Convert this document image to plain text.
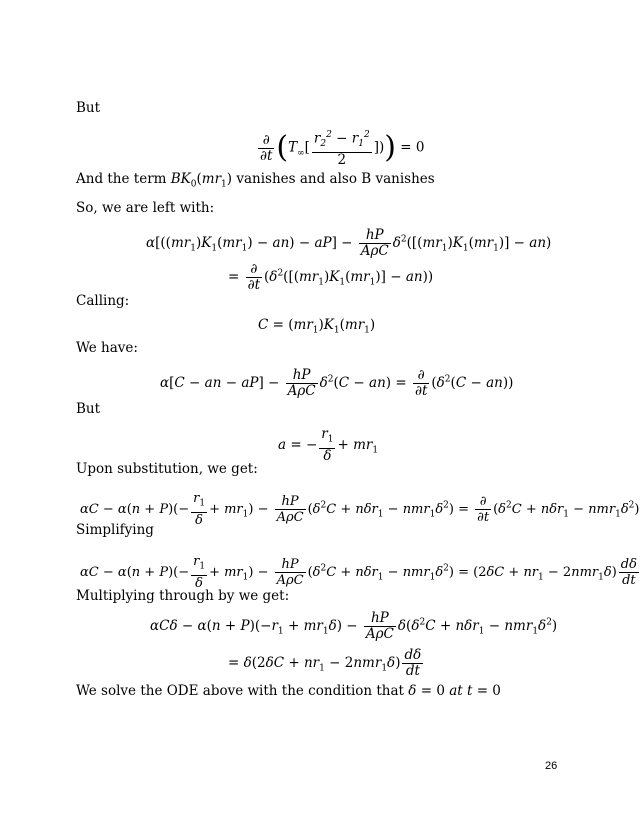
But
$\frac{\partial}{\partial t} (T_\infty[ \frac{r_2^2 - r_1^2}{2}$ ])) = 0
And the term $BK_0(mr_1)$ vanishes and also B vanishes
So, we are left with:
$\alpha[((mr_1)K_1(mr_1) - an) - aP] - \frac{hP}{\text{AρC}} \delta^2([(mr_1)K_1(mr_1)] - an)$
= $\frac{\partial}{\partial t} (\delta^2([(mr_1)K_1(mr_1)] - an))$
Calling:
$C = (mr_1)K_1(mr_1)$
We have:
α[C − an − $aP] - \frac{hP}{\text{AρC}} \delta^2(C - an) = \frac{\partial}{\partial t} (\delta^2(C - an))$
But
a = − $\frac{r_1}{\delta} + mr_1$
Upon substitution, we get:
$\alpha C - \alpha(n + P)(- \frac{r_1}{\delta} + mr_1) - \frac{hP}{\text{AρC}} (\delta^2C + n\delta r_1 - nmr_1\delta^2) = \frac{\partial}{\partial t} (\delta^2C + n\delta r_1 - nmr_1\delta^2)$
Simplifying
$\alpha C - \alpha(n + P)(- \frac{r_1}{\delta} + mr_1) - \frac{hP}{\text{AρC}} (\delta^2C + n\delta r_1 - nmr_1\delta^2) = (2\delta C + nr_1 - 2nmr_1\delta) \frac{d\delta}{dt}$
Multiplying through by we get:
$\alpha C\delta - \alpha(n + P)(-r_1 + mr_1\delta) - \frac{hP}{\text{AρC}} \delta(\delta^2C + n\delta r_1 - nmr_1\delta^2)$
= $\delta(2\delta C + nr_1 - 2nmr_1\delta) \frac{d\delta}{dt}$
We solve the ODE above with the condition that δ = 0 at t = 0
26
